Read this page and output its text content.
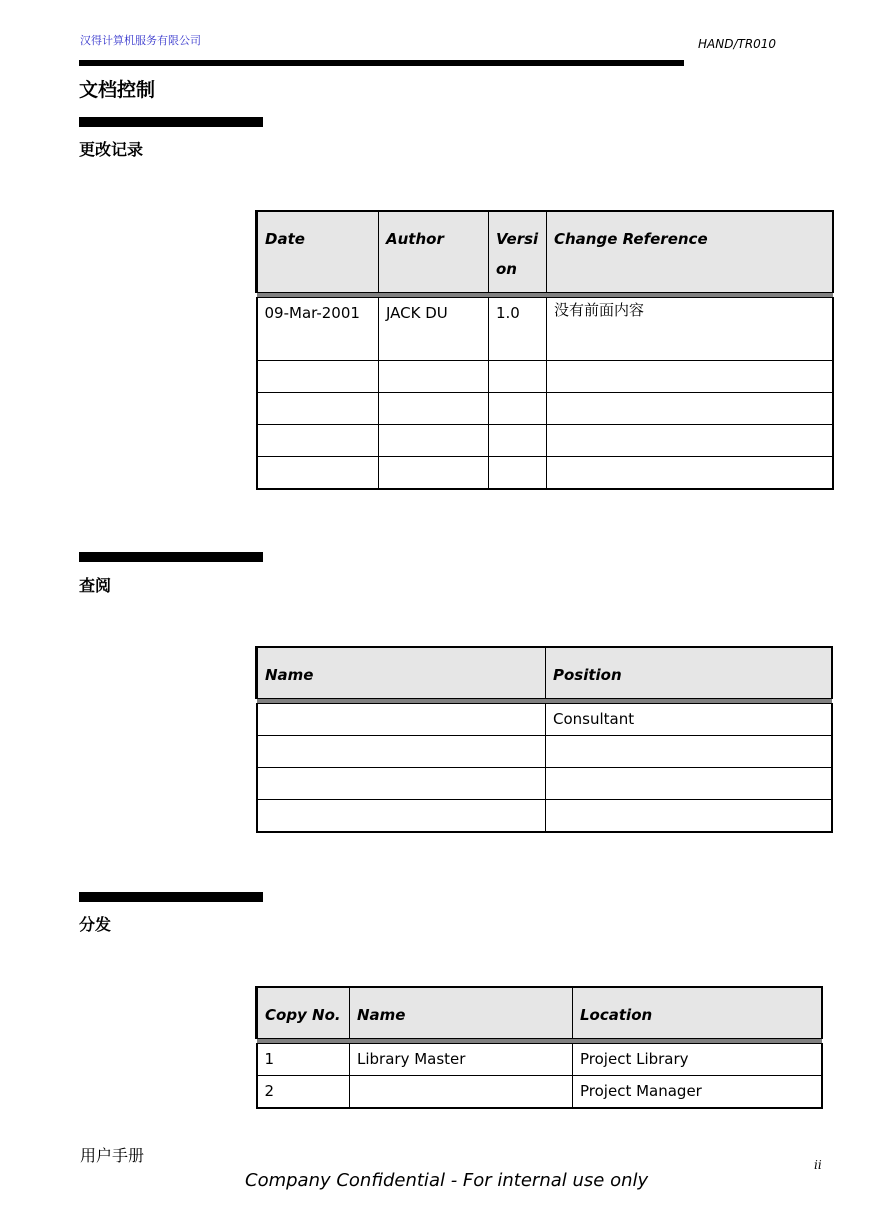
汉得计算机服务有限公司	HAND/TR010
文档控制
更改记录
Date	Author	Versi on	Change Reference

09-Mar-2001	JACK DU	1.0	没有前面内容

查阅
Name	Position

	Consultant

分发
Copy No.	Name	Location

1	Library Master	Project Library
2		Project Manager
用户手册	ii
Company Confidential - For internal use only
